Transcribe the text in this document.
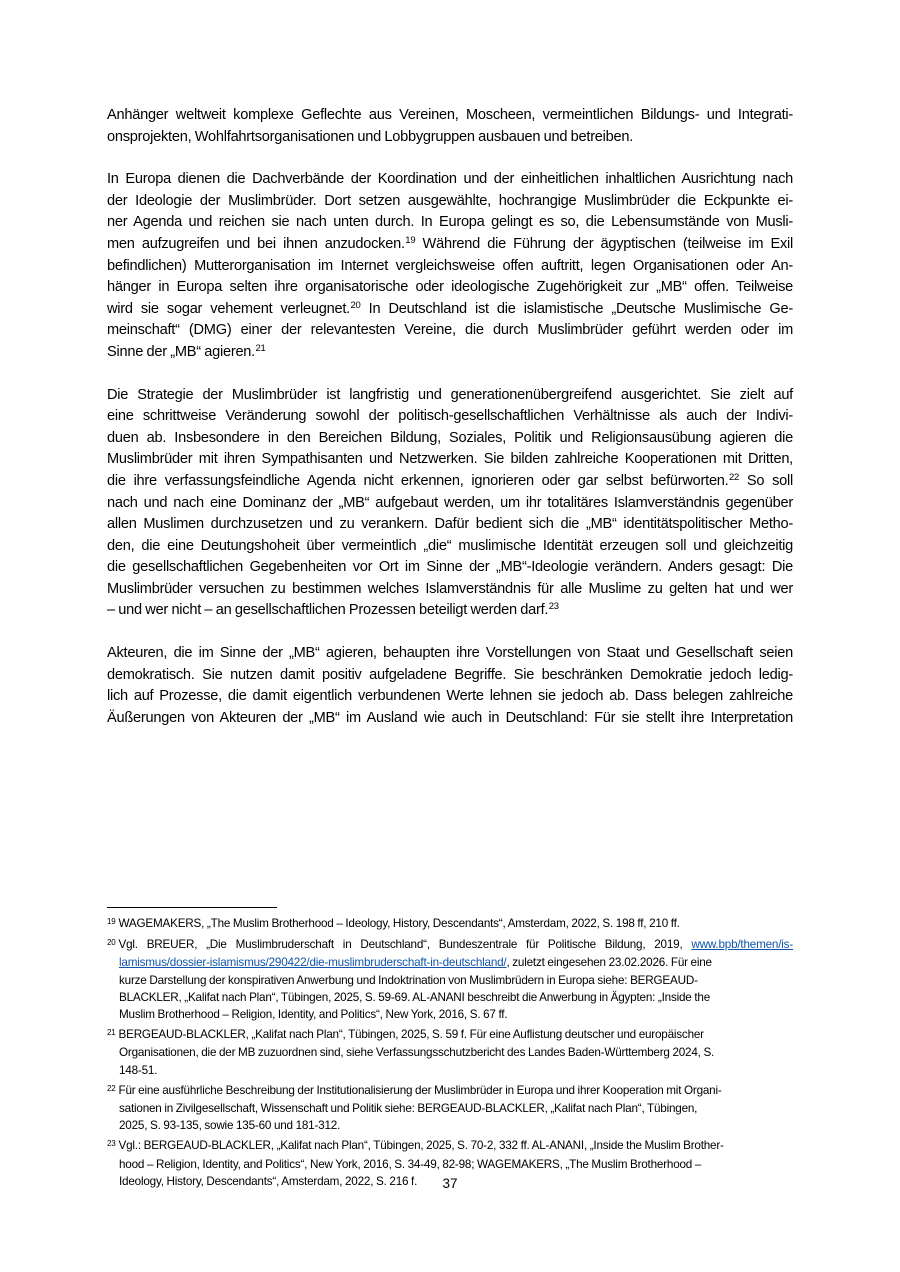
Anhänger weltweit komplexe Geflechte aus Vereinen, Moscheen, vermeintlichen Bildungs- und Integrati-
onsprojekten, Wohlfahrtsorganisationen und Lobbygruppen ausbauen und betreiben.

In Europa dienen die Dachverbände der Koordination und der einheitlichen inhaltlichen Ausrichtung nach
der Ideologie der Muslimbrüder. Dort setzen ausgewählte, hochrangige Muslimbrüder die Eckpunkte ei-
ner Agenda und reichen sie nach unten durch. In Europa gelingt es so, die Lebensumstände von Musli-
men aufzugreifen und bei ihnen anzudocken.$^{19}$ Während die Führung der ägyptischen (teilweise im Exil
befindlichen) Mutterorganisation im Internet vergleichsweise offen auftritt, legen Organisationen oder An-
hänger in Europa selten ihre organisatorische oder ideologische Zugehörigkeit zur „MB“ offen. Teilweise
wird sie sogar vehement verleugnet.$^{20}$ In Deutschland ist die islamistische „Deutsche Muslimische Ge-
meinschaft“ (DMG) einer der relevantesten Vereine, die durch Muslimbrüder geführt werden oder im
Sinne der „MB“ agieren.$^{21}$

Die Strategie der Muslimbrüder ist langfristig und generationenübergreifend ausgerichtet. Sie zielt auf
eine schrittweise Veränderung sowohl der politisch-gesellschaftlichen Verhältnisse als auch der Indivi-
duen ab. Insbesondere in den Bereichen Bildung, Soziales, Politik und Religionsausübung agieren die
Muslimbrüder mit ihren Sympathisanten und Netzwerken. Sie bilden zahlreiche Kooperationen mit Dritten,
die ihre verfassungsfeindliche Agenda nicht erkennen, ignorieren oder gar selbst befürworten.$^{22}$ So soll
nach und nach eine Dominanz der „MB“ aufgebaut werden, um ihr totalitäres Islamverständnis gegenüber
allen Muslimen durchzusetzen und zu verankern. Dafür bedient sich die „MB“ identitätspolitischer Metho-
den, die eine Deutungshoheit über vermeintlich „die“ muslimische Identität erzeugen soll und gleichzeitig
die gesellschaftlichen Gegebenheiten vor Ort im Sinne der „MB“-Ideologie verändern. Anders gesagt: Die
Muslimbrüder versuchen zu bestimmen welches Islamverständnis für alle Muslime zu gelten hat und wer
– und wer nicht – an gesellschaftlichen Prozessen beteiligt werden darf.$^{23}$

Akteuren, die im Sinne der „MB“ agieren, behaupten ihre Vorstellungen von Staat und Gesellschaft seien
demokratisch. Sie nutzen damit positiv aufgeladene Begriffe. Sie beschränken Demokratie jedoch ledig-
lich auf Prozesse, die damit eigentlich verbundenen Werte lehnen sie jedoch ab. Dass belegen zahlreiche
Äußerungen von Akteuren der „MB“ im Ausland wie auch in Deutschland: Für sie stellt ihre Interpretation

$^{19}$ WAGEMAKERS, „The Muslim Brotherhood – Ideology, History, Descendants“, Amsterdam, 2022, S. 198 ff, 210 ff.
$^{20}$ Vgl. BREUER, „Die Muslimbruderschaft in Deutschland“, Bundeszentrale für Politische Bildung, 2019, www.bpb/themen/is-
lamismus/dossier-islamismus/290422/die-muslimbruderschaft-in-deutschland/, zuletzt eingesehen 23.02.2026. Für eine
kurze Darstellung der konspirativen Anwerbung und Indoktrination von Muslimbrüdern in Europa siehe: BERGEAUD-
BLACKLER, „Kalifat nach Plan“, Tübingen, 2025, S. 59-69. AL-ANANI beschreibt die Anwerbung in Ägypten: „Inside the
Muslim Brotherhood – Religion, Identity, and Politics“, New York, 2016, S. 67 ff.
$^{21}$ BERGEAUD-BLACKLER, „Kalifat nach Plan“, Tübingen, 2025, S. 59 f. Für eine Auflistung deutscher und europäischer
Organisationen, die der MB zuzuordnen sind, siehe Verfassungsschutzbericht des Landes Baden-Württemberg 2024, S.
148-51.
$^{22}$ Für eine ausführliche Beschreibung der Institutionalisierung der Muslimbrüder in Europa und ihrer Kooperation mit Organi-
sationen in Zivilgesellschaft, Wissenschaft und Politik siehe: BERGEAUD-BLACKLER, „Kalifat nach Plan“, Tübingen,
2025, S. 93-135, sowie 135-60 und 181-312.
$^{23}$ Vgl.: BERGEAUD-BLACKLER, „Kalifat nach Plan“, Tübingen, 2025, S. 70-2, 332 ff. AL-ANANI, „Inside the Muslim Brother-
hood – Religion, Identity, and Politics“, New York, 2016, S. 34-49, 82-98; WAGEMAKERS, „The Muslim Brotherhood –
Ideology, History, Descendants“, Amsterdam, 2022, S. 216 f.	37
